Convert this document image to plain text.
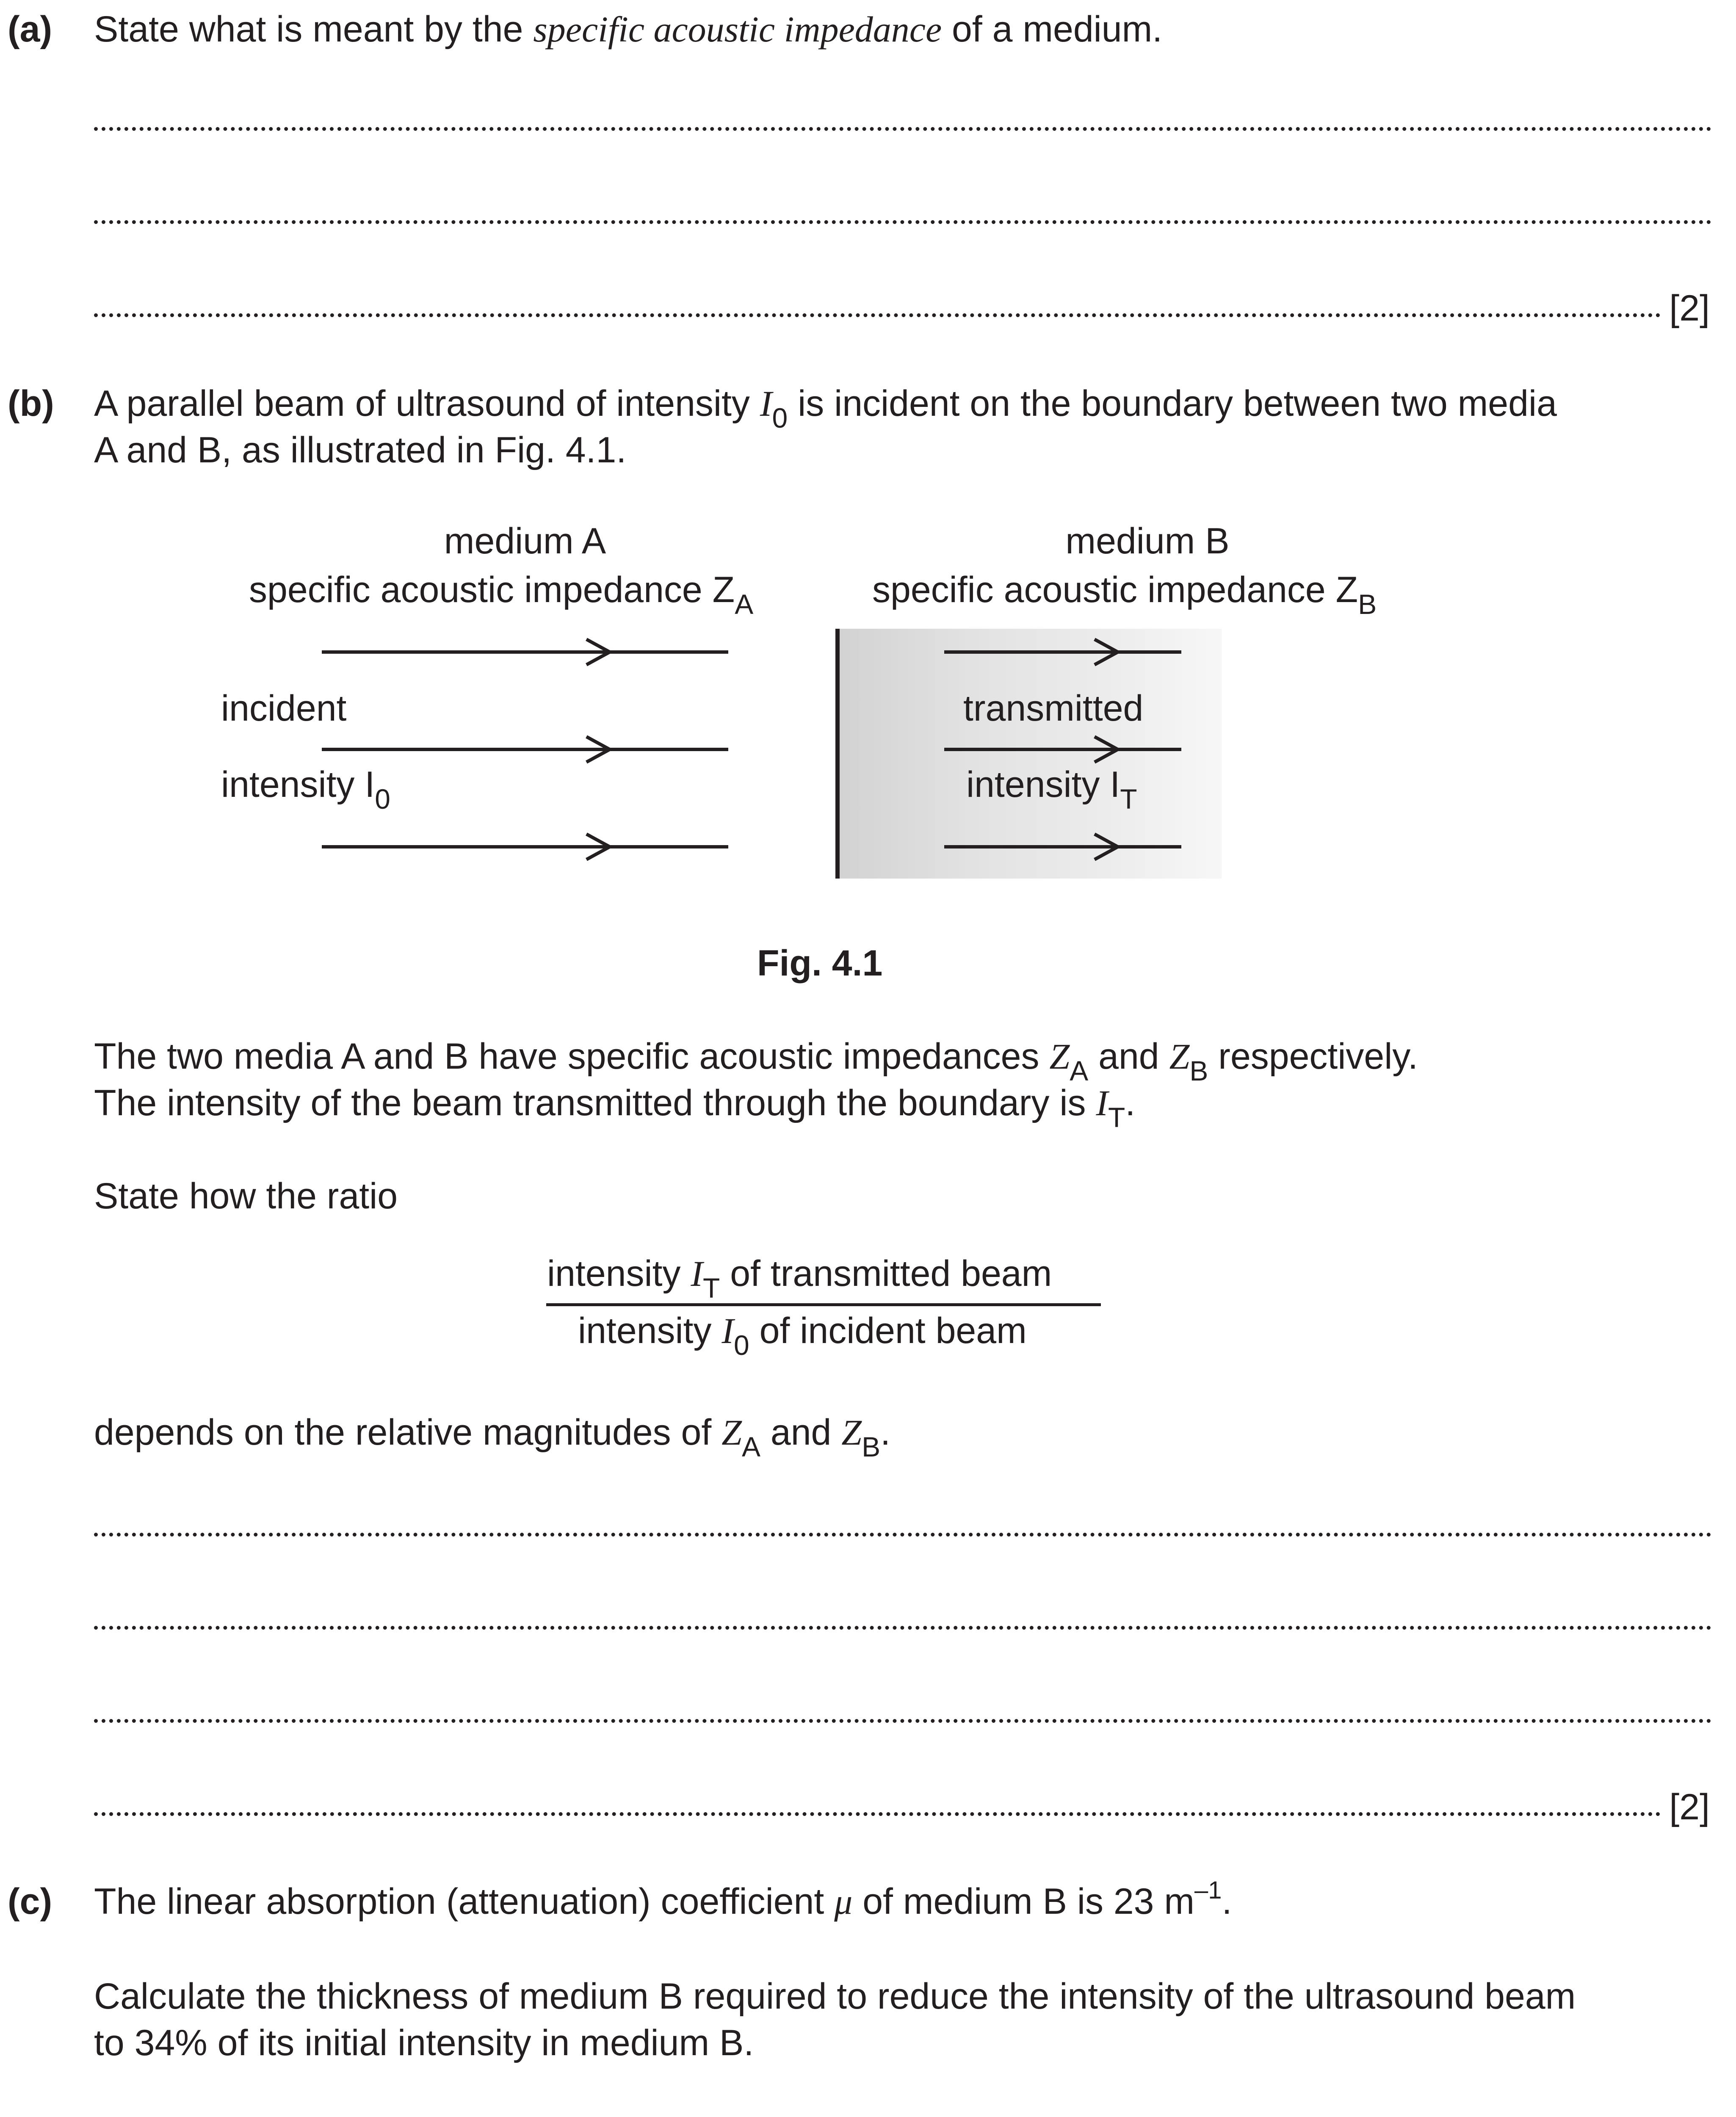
(a) State what is meant by the specific acoustic impedance of a medium.
[2]
(b) A parallel beam of ultrasound of intensity $I_0$ is incident on the boundary between two media
A and B, as illustrated in Fig. 4.1.
medium A
specific acoustic impedance $Z_A$
medium B
specific acoustic impedance $Z_B$
incident
intensity $I_0$
transmitted
intensity $I_T$
Fig. 4.1
The two media A and B have specific acoustic impedances $Z_A$ and $Z_B$ respectively.
The intensity of the beam transmitted through the boundary is $I_T$.
State how the ratio
intensity $I_T$ of transmitted beam
intensity $I_0$ of incident beam
depends on the relative magnitudes of $Z_A$ and $Z_B$.
[2]
(c) The linear absorption (attenuation) coefficient μ of medium B is 23 $m^{-1}$.
Calculate the thickness of medium B required to reduce the intensity of the ultrasound beam
to 34% of its initial intensity in medium B.
